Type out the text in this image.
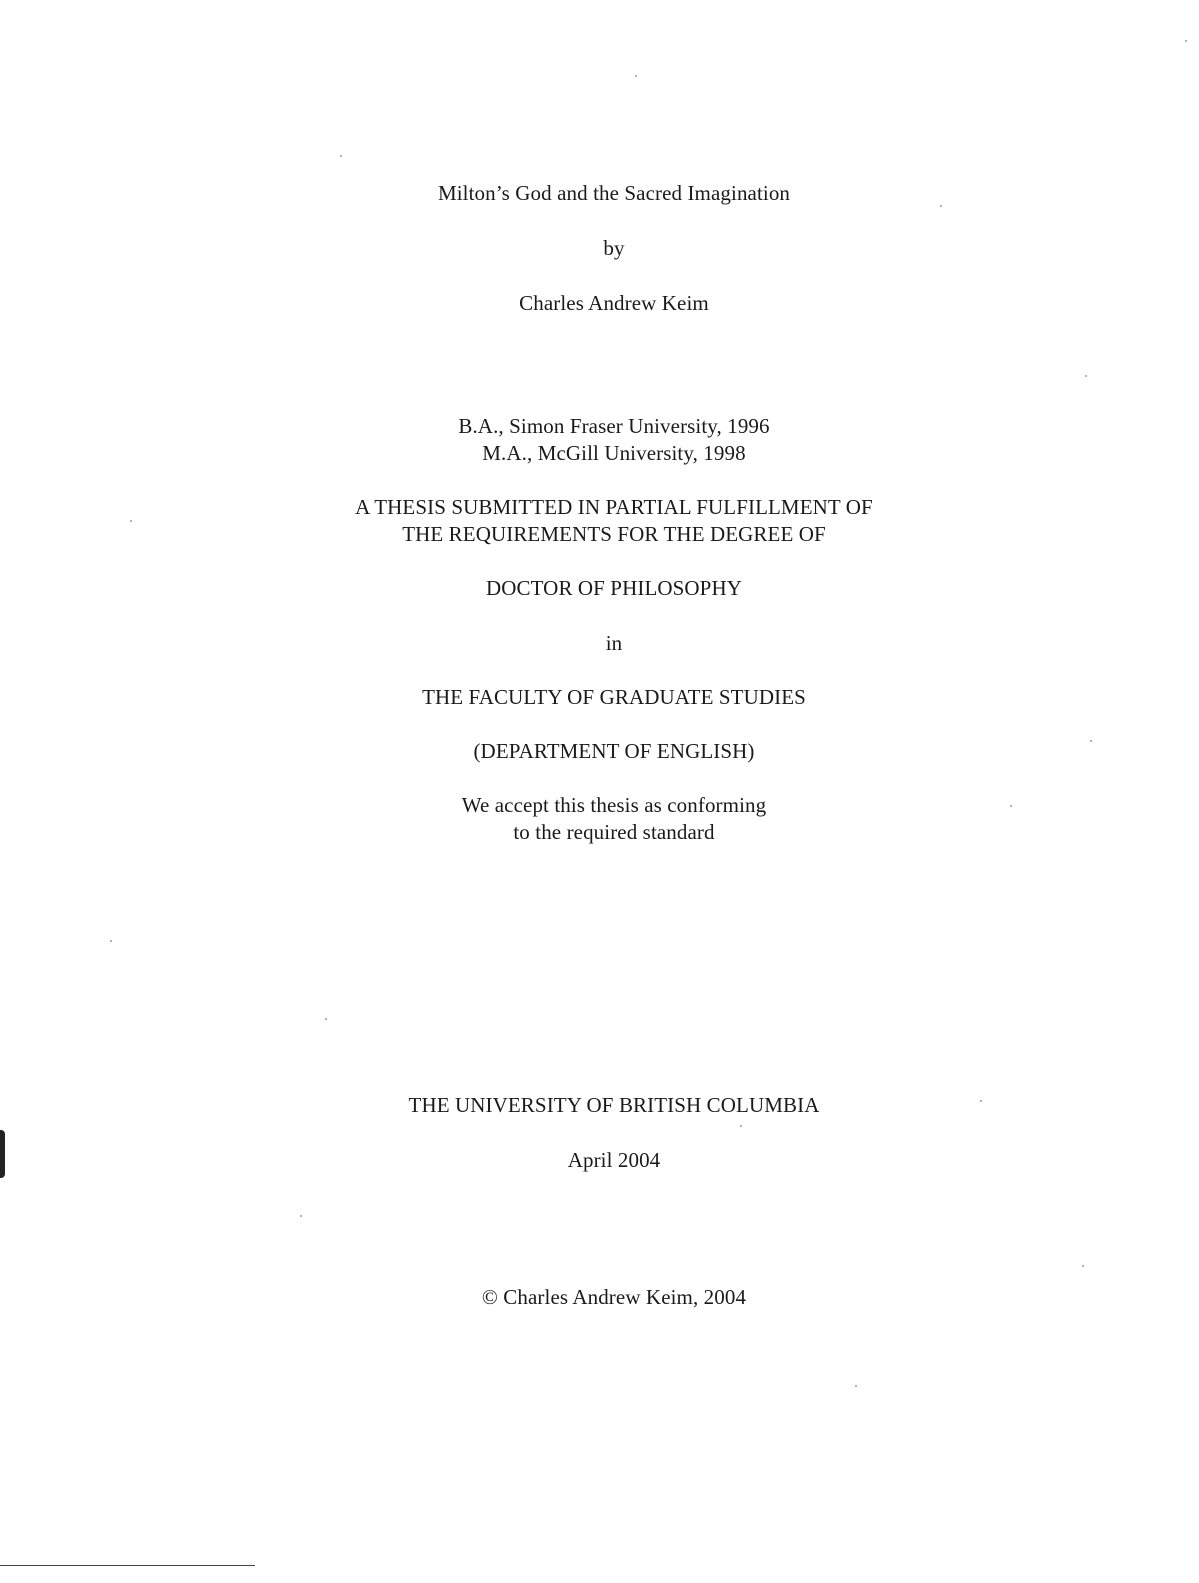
Milton’s God and the Sacred Imagination
by
Charles Andrew Keim
B.A., Simon Fraser University, 1996
M.A., McGill University, 1998
A THESIS SUBMITTED IN PARTIAL FULFILLMENT OF
THE REQUIREMENTS FOR THE DEGREE OF
DOCTOR OF PHILOSOPHY
in
THE FACULTY OF GRADUATE STUDIES
(DEPARTMENT OF ENGLISH)
We accept this thesis as conforming
to the required standard
THE UNIVERSITY OF BRITISH COLUMBIA
April 2004
© Charles Andrew Keim, 2004
